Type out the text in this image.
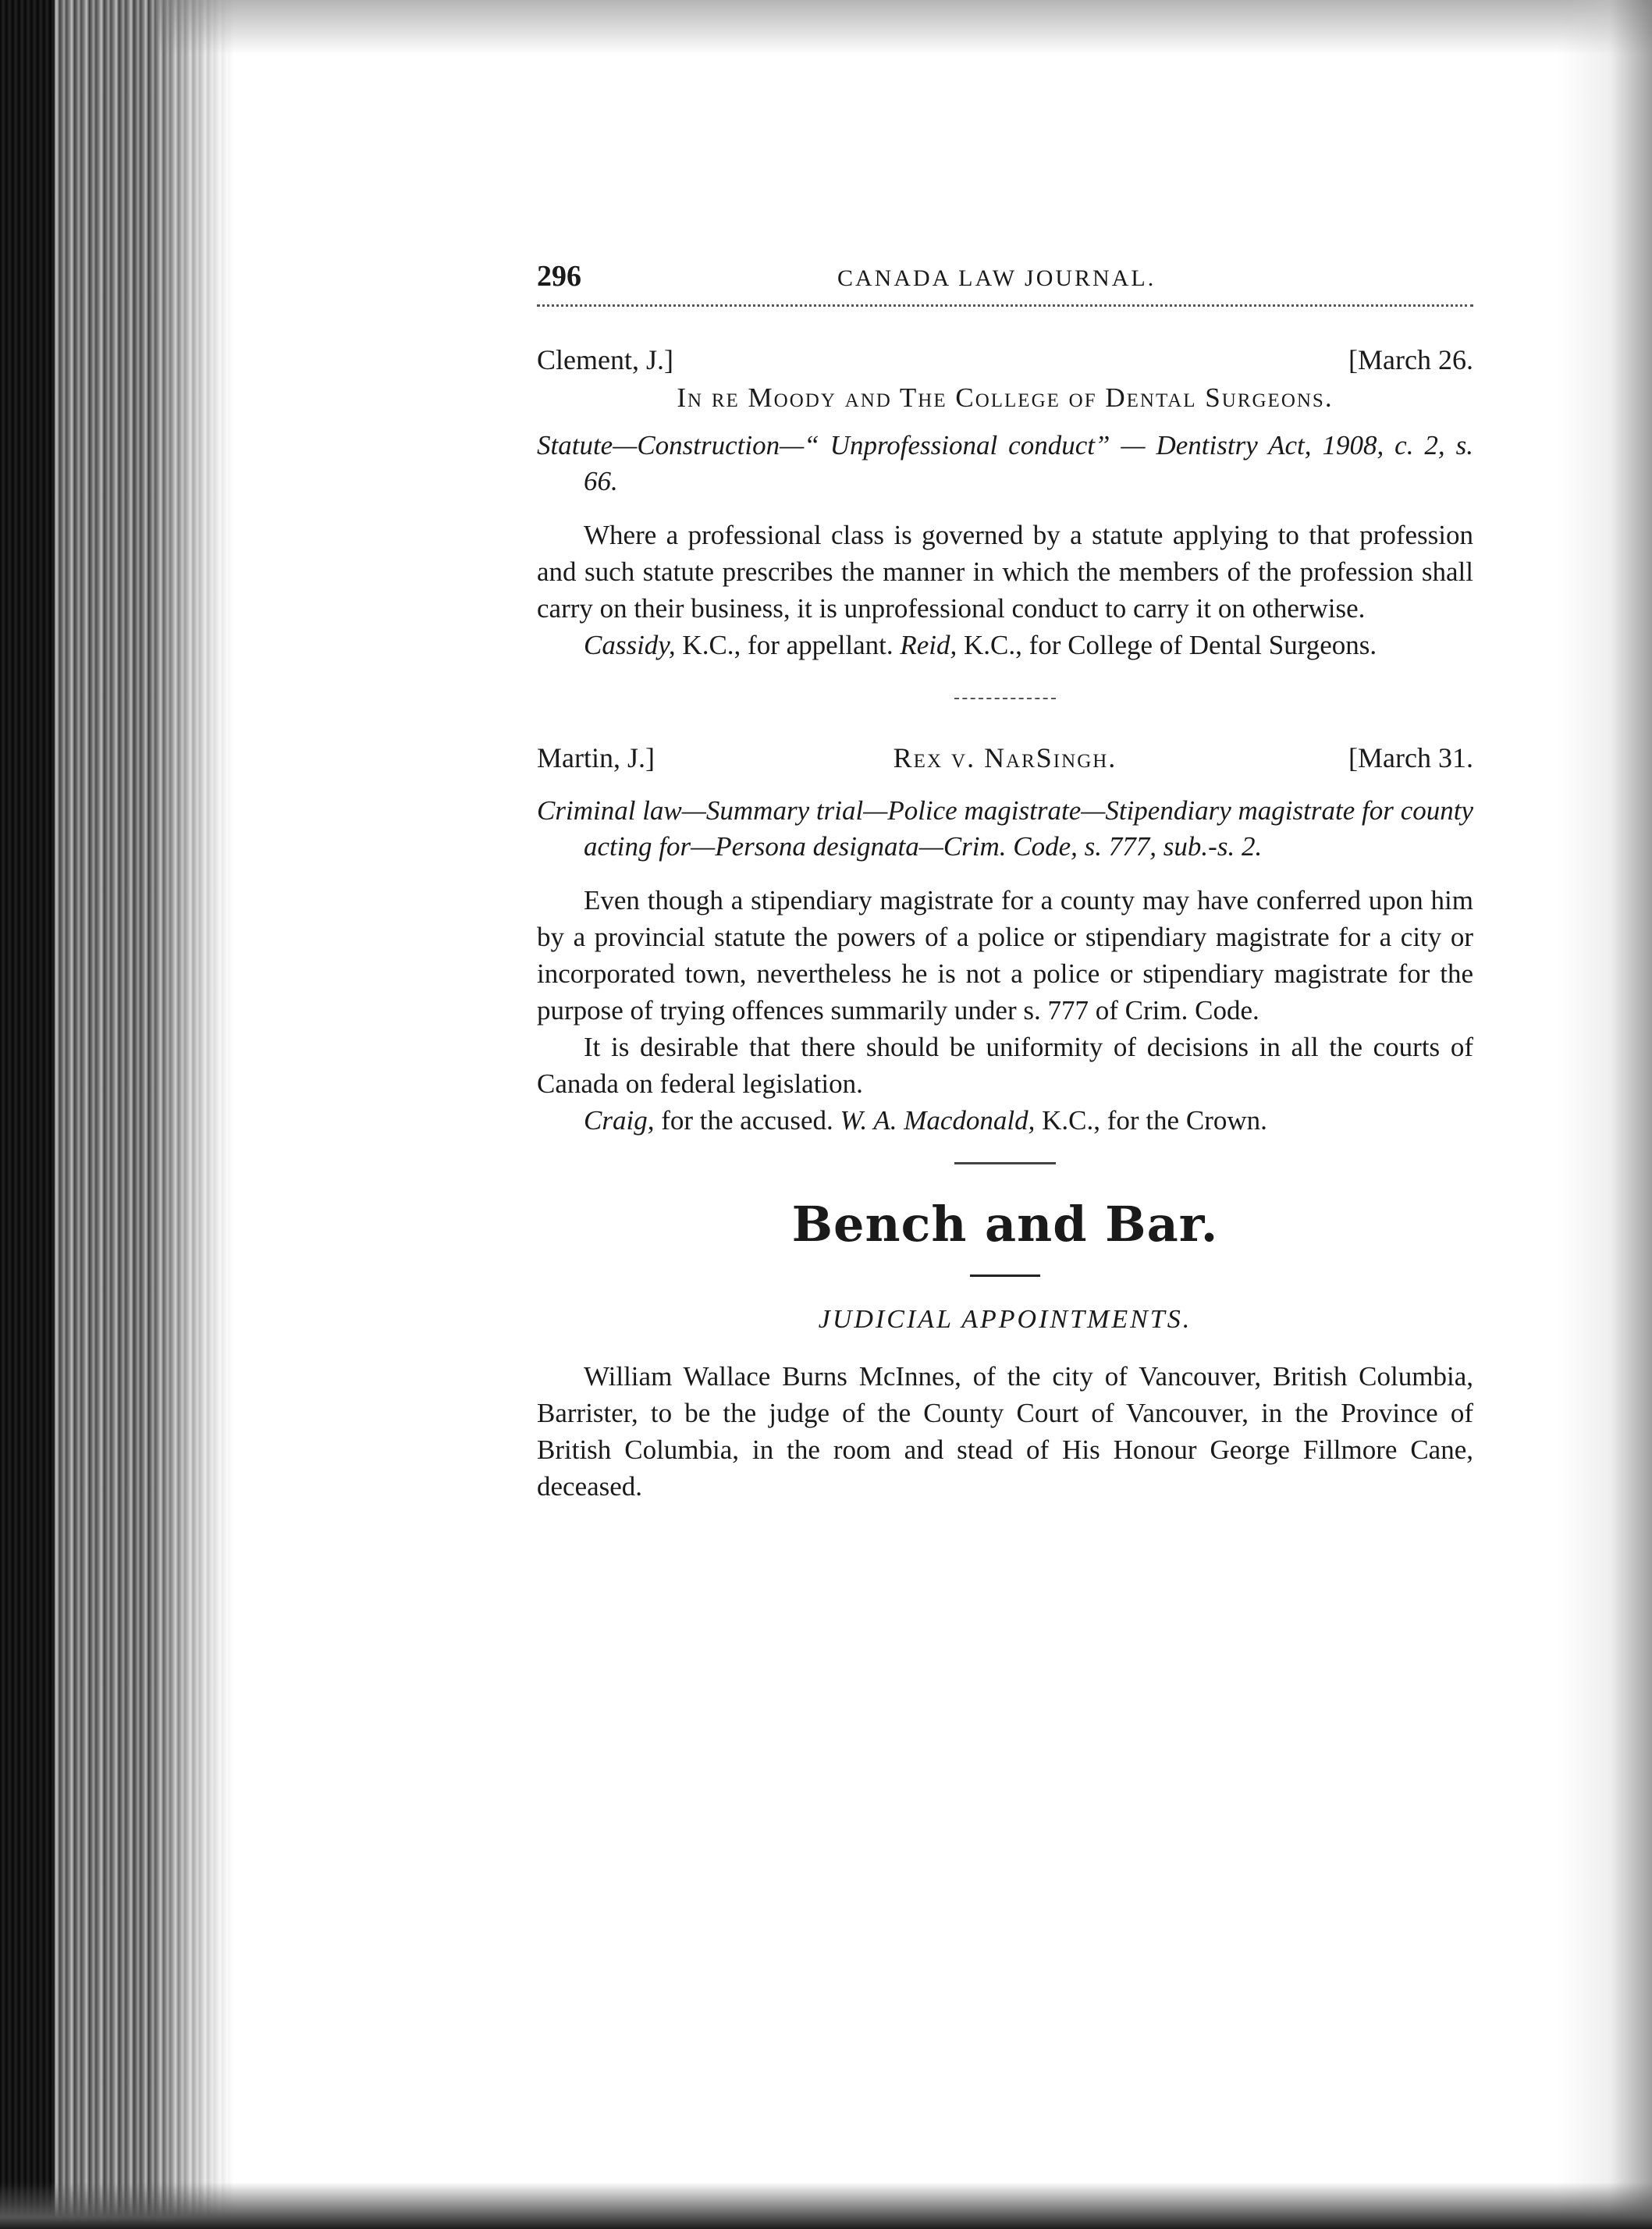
296	CANADA LAW JOURNAL.
Clement, J.]	[March 26.
In re Moody and The College of Dental Surgeons.
Statute—Construction—“ Unprofessional conduct” — Dentistry Act, 1908, c. 2, s. 66.

Where a professional class is governed by a statute applying to that profession and such statute prescribes the manner in which the members of the profession shall carry on their business, it is unprofessional conduct to carry it on otherwise.

Cassidy, K.C., for appellant. Reid, K.C., for College of Dental Surgeons.

Martin, J.]	Rex v. NarSingh.	[March 31.
Criminal law—Summary trial—Police magistrate—Stipendiary magistrate for county acting for—Persona designata—Crim. Code, s. 777, sub.-s. 2.

Even though a stipendiary magistrate for a county may have conferred upon him by a provincial statute the powers of a police or stipendiary magistrate for a city or incorporated town, nevertheless he is not a police or stipendiary magistrate for the purpose of trying offences summarily under s. 777 of Crim. Code.

It is desirable that there should be uniformity of decisions in all the courts of Canada on federal legislation.

Craig, for the accused. W. A. Macdonald, K.C., for the Crown.

Bench and Bar.
JUDICIAL APPOINTMENTS.

William Wallace Burns McInnes, of the city of Vancouver, British Columbia, Barrister, to be the judge of the County Court of Vancouver, in the Province of British Columbia, in the room and stead of His Honour George Fillmore Cane, deceased.
